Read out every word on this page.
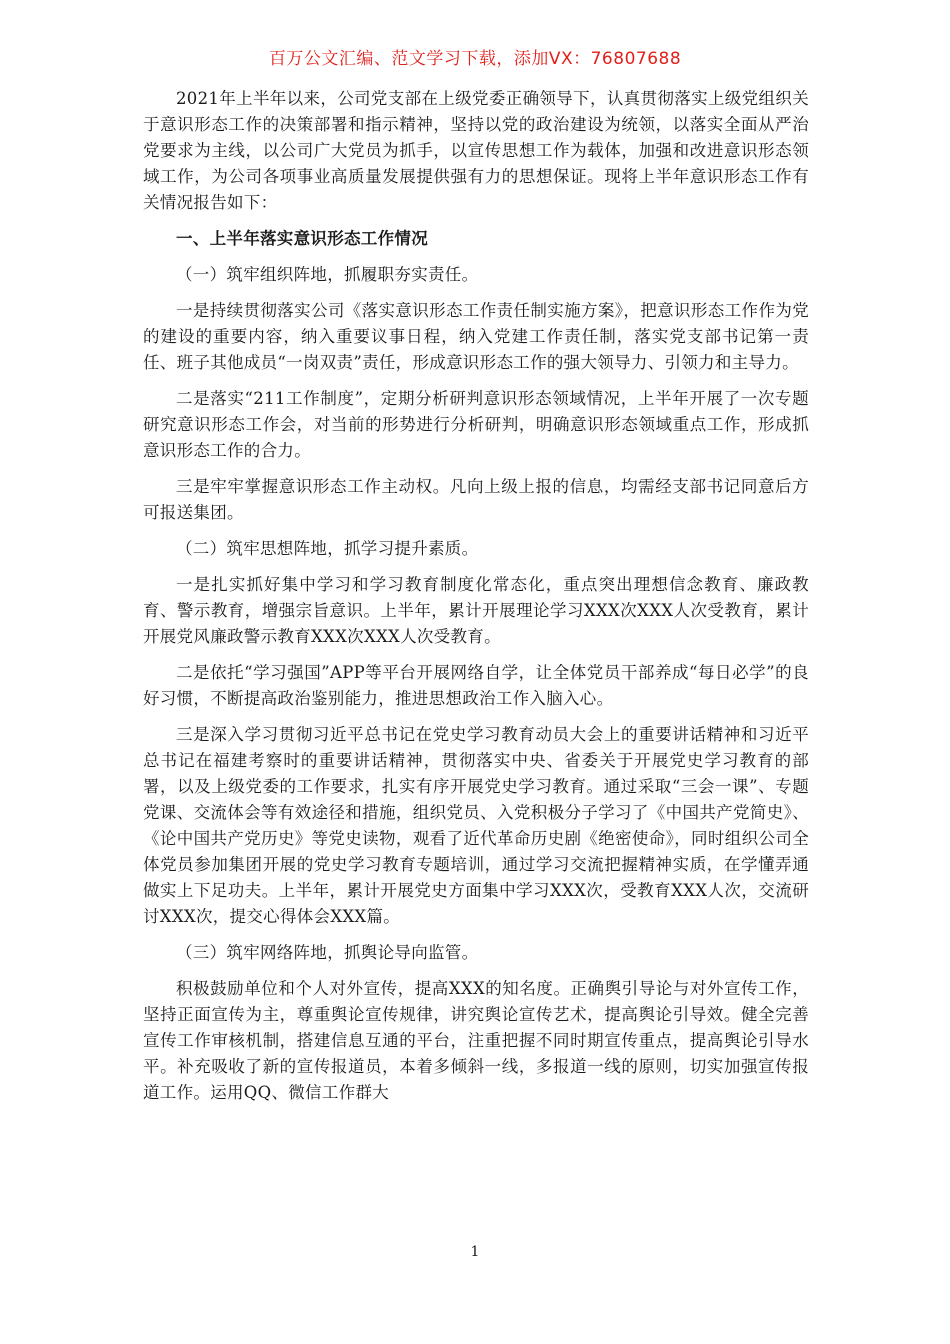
百万公文汇编、范文学习下载，添加VX：76807688

2021年上半年以来，公司党支部在上级党委正确领导下，认真贯彻落实上级党组织关于意识形态工作的决策部署和指示精神，坚持以党的政治建设为统领，以落实全面从严治党要求为主线，以公司广大党员为抓手，以宣传思想工作为载体，加强和改进意识形态领域工作，为公司各项事业高质量发展提供强有力的思想保证。现将上半年意识形态工作有关情况报告如下：

一、上半年落实意识形态工作情况

（一）筑牢组织阵地，抓履职夯实责任。

一是持续贯彻落实公司《落实意识形态工作责任制实施方案》，把意识形态工作作为党的建设的重要内容，纳入重要议事日程，纳入党建工作责任制，落实党支部书记第一责任、班子其他成员“一岗双责”责任，形成意识形态工作的强大领导力、引领力和主导力。

二是落实“211工作制度”，定期分析研判意识形态领域情况，上半年开展了一次专题研究意识形态工作会，对当前的形势进行分析研判，明确意识形态领域重点工作，形成抓意识形态工作的合力。

三是牢牢掌握意识形态工作主动权。凡向上级上报的信息，均需经支部书记同意后方可报送集团。

（二）筑牢思想阵地，抓学习提升素质。

一是扎实抓好集中学习和学习教育制度化常态化，重点突出理想信念教育、廉政教育、警示教育，增强宗旨意识。上半年，累计开展理论学习XXX次XXX人次受教育，累计开展党风廉政警示教育XXX次XXX人次受教育。

二是依托“学习强国”APP等平台开展网络自学，让全体党员干部养成“每日必学”的良好习惯，不断提高政治鉴别能力，推进思想政治工作入脑入心。

三是深入学习贯彻习近平总书记在党史学习教育动员大会上的重要讲话精神和习近平总书记在福建考察时的重要讲话精神，贯彻落实中央、省委关于开展党史学习教育的部署，以及上级党委的工作要求，扎实有序开展党史学习教育。通过采取“三会一课”、专题党课、交流体会等有效途径和措施，组织党员、入党积极分子学习了《中国共产党简史》、《论中国共产党历史》等党史读物，观看了近代革命历史剧《绝密使命》，同时组织公司全体党员参加集团开展的党史学习教育专题培训，通过学习交流把握精神实质，在学懂弄通做实上下足功夫。上半年，累计开展党史方面集中学习XXX次，受教育XXX人次，交流研讨XXX次，提交心得体会XXX篇。

（三）筑牢网络阵地，抓舆论导向监管。

积极鼓励单位和个人对外宣传，提高XXX的知名度。正确舆引导论与对外宣传工作，坚持正面宣传为主，尊重舆论宣传规律，讲究舆论宣传艺术，提高舆论引导效。健全完善宣传工作审核机制，搭建信息互通的平台，注重把握不同时期宣传重点，提高舆论引导水平。补充吸收了新的宣传报道员，本着多倾斜一线，多报道一线的原则，切实加强宣传报道工作。运用QQ、微信工作群大

1
